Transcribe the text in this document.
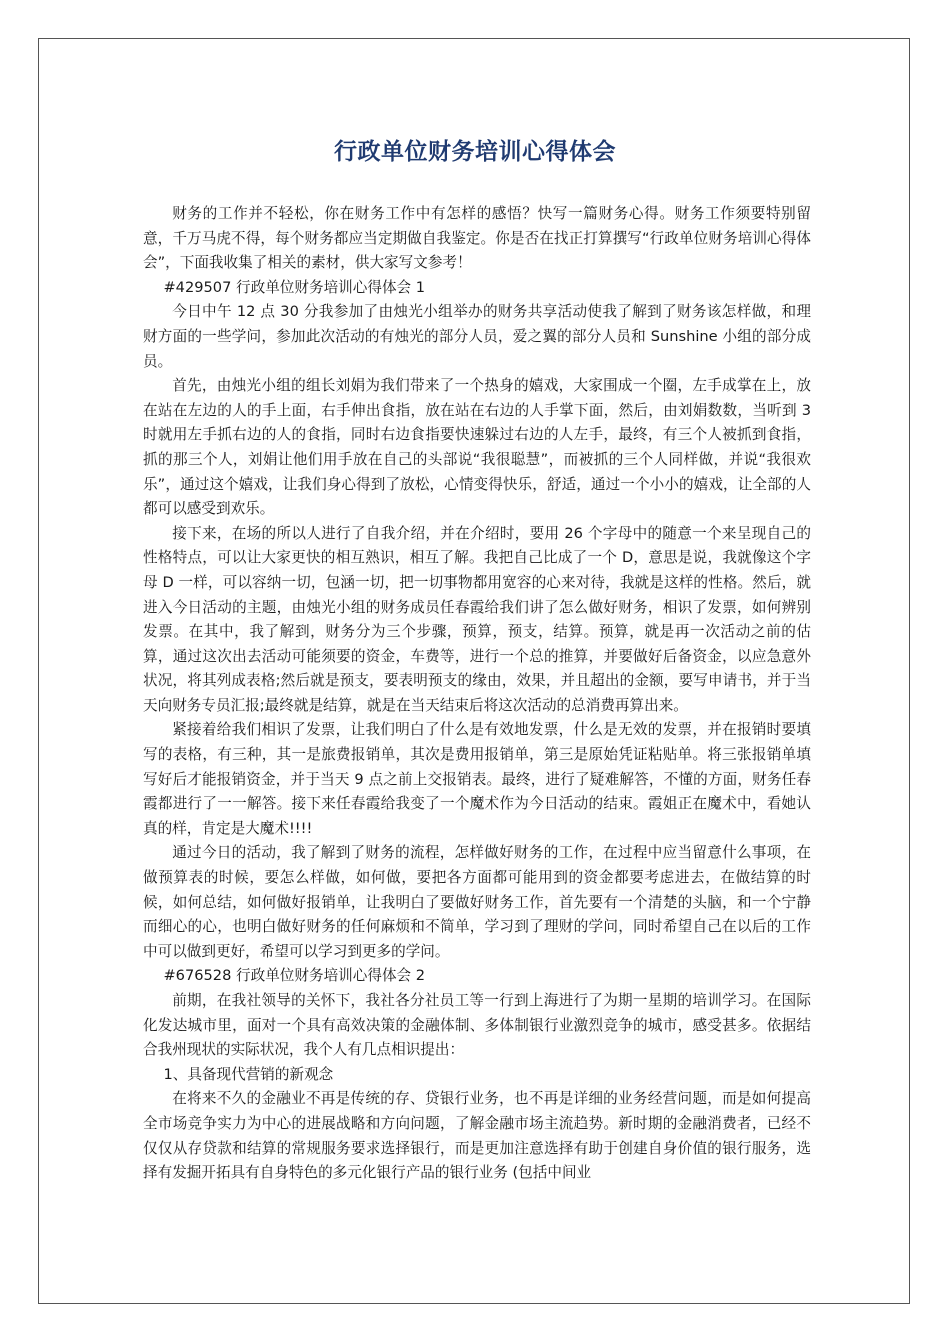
行政单位财务培训心得体会

财务的工作并不轻松，你在财务工作中有怎样的感悟？快写一篇财务心得。财务工作须要特别留意，千万马虎不得，每个财务都应当定期做自我鉴定。你是否在找正打算撰写“行政单位财务培训心得体会”，下面我收集了相关的素材，供大家写文参考！

#429507 行政单位财务培训心得体会 1

今日中午 12 点 30 分我参加了由烛光小组举办的财务共享活动使我了解到了财务该怎样做，和理财方面的一些学问，参加此次活动的有烛光的部分人员，爱之翼的部分人员和 Sunshine 小组的部分成员。

首先，由烛光小组的组长刘娟为我们带来了一个热身的嬉戏，大家围成一个圈，左手成掌在上，放在站在左边的人的手上面，右手伸出食指，放在站在右边的人手掌下面，然后，由刘娟数数，当听到 3 时就用左手抓右边的人的食指，同时右边食指要快速躲过右边的人左手，最终，有三个人被抓到食指，抓的那三个人，刘娟让他们用手放在自己的头部说“我很聪慧”，而被抓的三个人同样做，并说“我很欢乐”，通过这个嬉戏，让我们身心得到了放松，心情变得快乐，舒适，通过一个小小的嬉戏，让全部的人都可以感受到欢乐。

接下来，在场的所以人进行了自我介绍，并在介绍时，要用 26 个字母中的随意一个来呈现自己的性格特点，可以让大家更快的相互熟识，相互了解。我把自己比成了一个 D，意思是说，我就像这个字母 D 一样，可以容纳一切，包涵一切，把一切事物都用宽容的心来对待，我就是这样的性格。然后，就进入今日活动的主题，由烛光小组的财务成员任春霞给我们讲了怎么做好财务，相识了发票，如何辨别发票。在其中，我了解到，财务分为三个步骤，预算，预支，结算。预算，就是再一次活动之前的估算，通过这次出去活动可能须要的资金，车费等，进行一个总的推算，并要做好后备资金，以应急意外状况，将其列成表格;然后就是预支，要表明预支的缘由，效果，并且超出的金额，要写申请书，并于当天向财务专员汇报;最终就是结算，就是在当天结束后将这次活动的总消费再算出来。

紧接着给我们相识了发票，让我们明白了什么是有效地发票，什么是无效的发票，并在报销时要填写的表格，有三种，其一是旅费报销单，其次是费用报销单，第三是原始凭证粘贴单。将三张报销单填写好后才能报销资金，并于当天 9 点之前上交报销表。最终，进行了疑难解答，不懂的方面，财务任春霞都进行了一一解答。接下来任春霞给我变了一个魔术作为今日活动的结束。霞姐正在魔术中，看她认真的样，肯定是大魔术!!!!

通过今日的活动，我了解到了财务的流程，怎样做好财务的工作，在过程中应当留意什么事项，在做预算表的时候，要怎么样做，如何做，要把各方面都可能用到的资金都要考虑进去，在做结算的时候，如何总结，如何做好报销单，让我明白了要做好财务工作，首先要有一个清楚的头脑，和一个宁静而细心的心，也明白做好财务的任何麻烦和不简单，学习到了理财的学问，同时希望自己在以后的工作中可以做到更好，希望可以学习到更多的学问。

#676528 行政单位财务培训心得体会 2

前期，在我社领导的关怀下，我社各分社员工等一行到上海进行了为期一星期的培训学习。在国际化发达城市里，面对一个具有高效决策的金融体制、多体制银行业激烈竞争的城市，感受甚多。依据结合我州现状的实际状况，我个人有几点相识提出：

1、具备现代营销的新观念

在将来不久的金融业不再是传统的存、贷银行业务，也不再是详细的业务经营问题，而是如何提高全市场竞争实力为中心的进展战略和方向问题，了解金融市场主流趋势。新时期的金融消费者，已经不仅仅从存贷款和结算的常规服务要求选择银行，而是更加注意选择有助于创建自身价值的银行服务，选择有发掘开拓具有自身特色的多元化银行产品的银行业务 (包括中间业
